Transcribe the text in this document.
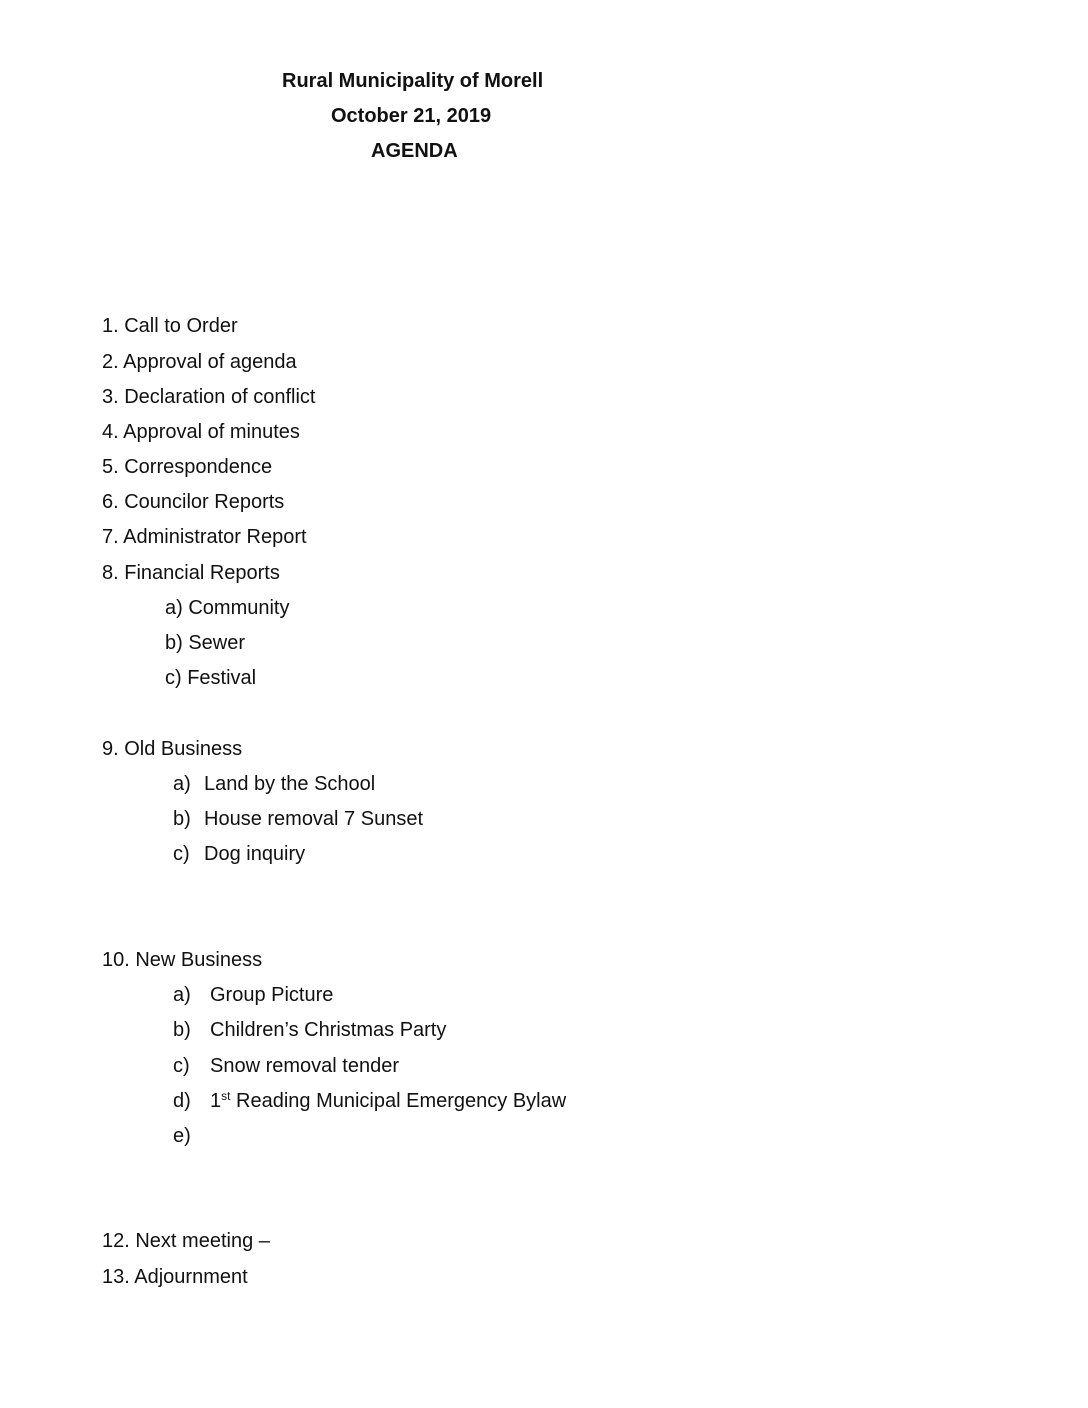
Rural Municipality of Morell
October 21, 2019
AGENDA
1. Call to Order
2. Approval of agenda
3. Declaration of conflict
4. Approval of minutes
5. Correspondence
6. Councilor Reports
7. Administrator Report
8. Financial Reports
a) Community
b) Sewer
c) Festival
9. Old Business
a) Land by the School
b) House removal 7 Sunset
c) Dog inquiry
10. New Business
a) Group Picture
b) Children’s Christmas Party
c) Snow removal tender
d) 1st Reading Municipal Emergency Bylaw
e)
12. Next meeting –
13. Adjournment
